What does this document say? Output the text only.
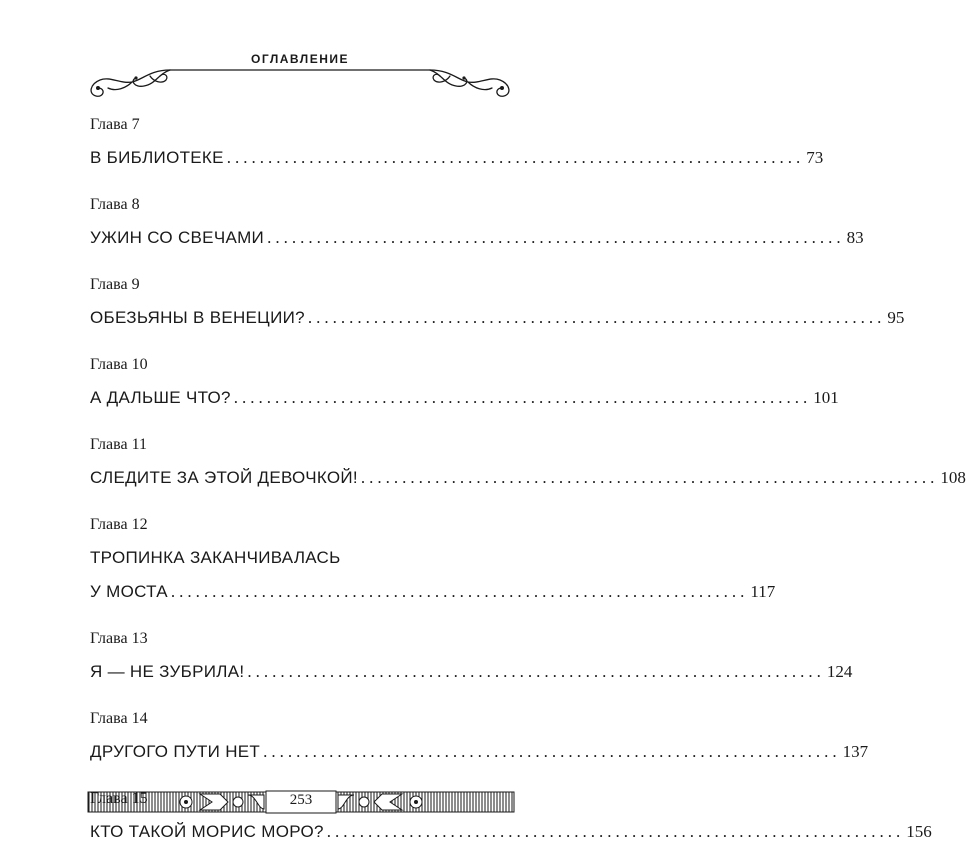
ОГЛАВЛЕНИЕ
Глава 7
В БИБЛИОТЕКЕ ...................................................................... 73
Глава 8
УЖИН СО СВЕЧАМИ ...................................................................... 83
Глава 9
ОБЕЗЬЯНЫ В ВЕНЕЦИИ? ...................................................................... 95
Глава 10
А ДАЛЬШЕ ЧТО? ...................................................................... 101
Глава 11
СЛЕДИТЕ ЗА ЭТОЙ ДЕВОЧКОЙ! ...................................................................... 108
Глава 12
ТРОПИНКА ЗАКАНЧИВАЛАСЬ
У МОСТА ...................................................................... 117
Глава 13
Я — НЕ ЗУБРИЛА! ...................................................................... 124
Глава 14
ДРУГОГО ПУТИ НЕТ ...................................................................... 137
КТО ТАКОЙ МОРИС МОРО? ...................................................................... 156
253
